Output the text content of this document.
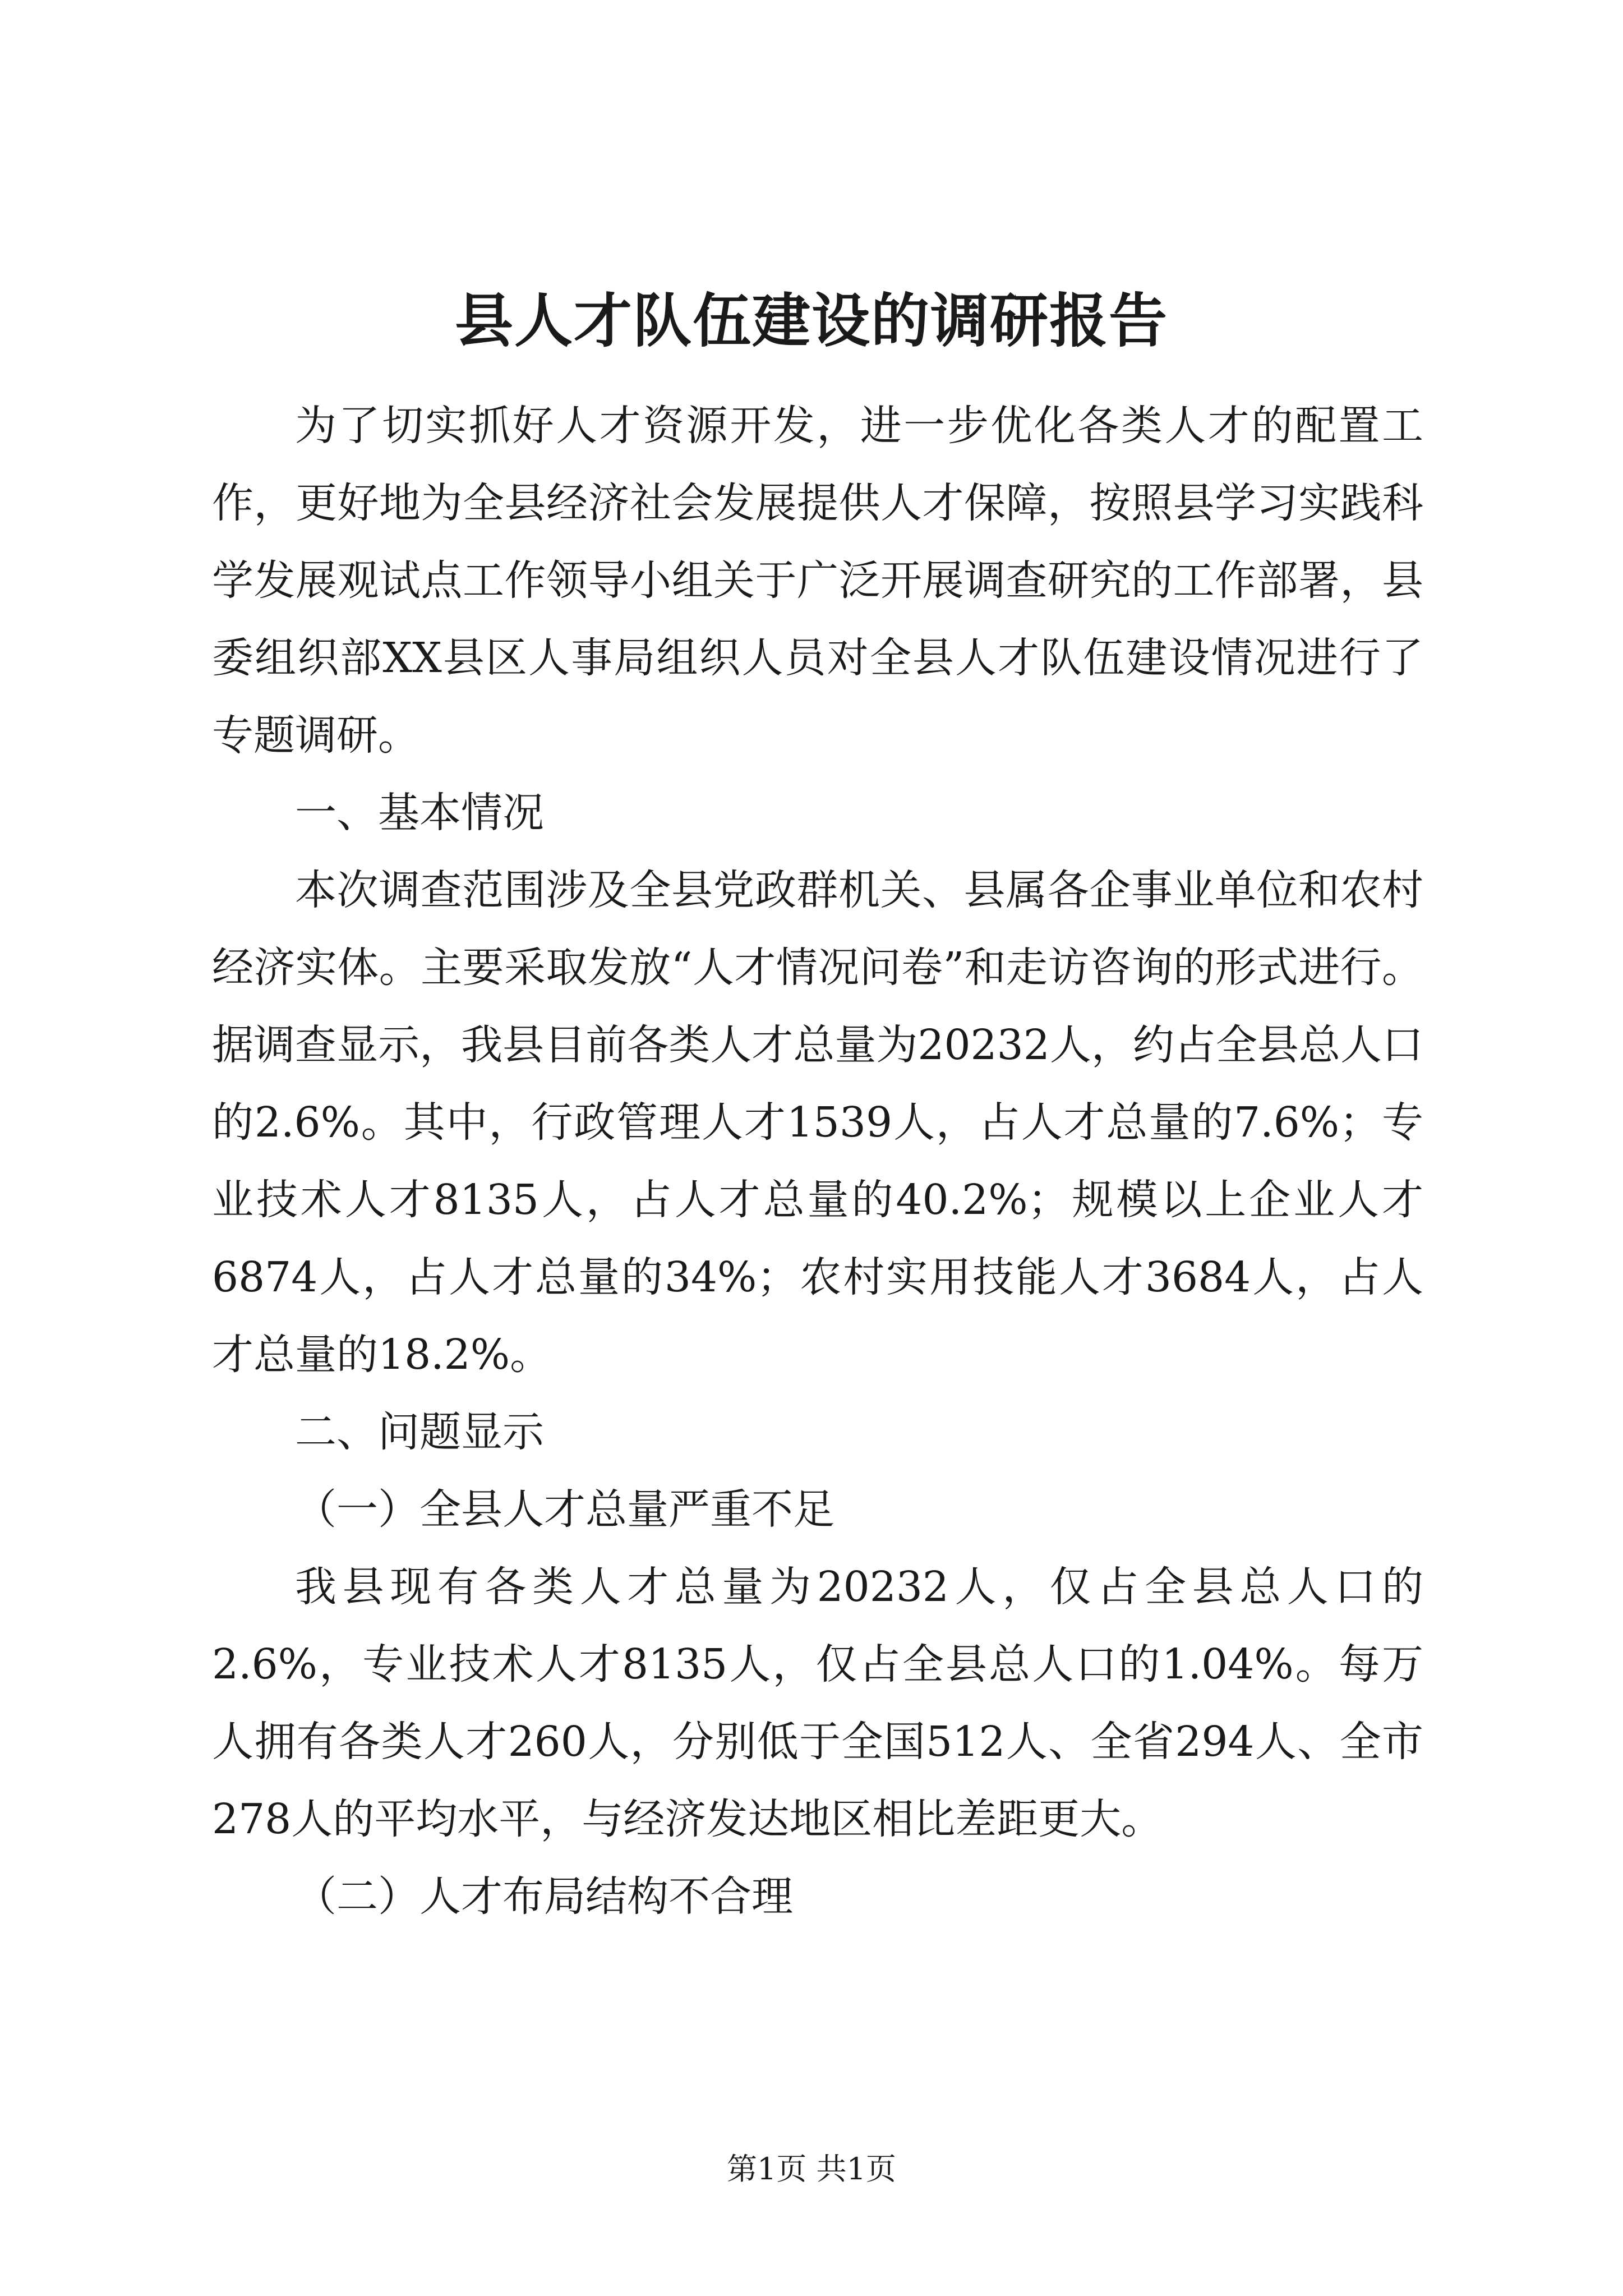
县人才队伍建设的调研报告

为了切实抓好人才资源开发，进一步优化各类人才的配置工作，更好地为全县经济社会发展提供人才保障，按照县学习实践科学发展观试点工作领导小组关于广泛开展调查研究的工作部署，县委组织部XX县区人事局组织人员对全县人才队伍建设情况进行了专题调研。

一、基本情况

本次调查范围涉及全县党政群机关、县属各企事业单位和农村经济实体。主要采取发放“人才情况问卷”和走访咨询的形式进行。据调查显示，我县目前各类人才总量为20232人，约占全县总人口的2.6%。其中，行政管理人才1539人，占人才总量的7.6%；专业技术人才8135人，占人才总量的40.2%；规模以上企业人才6874人，占人才总量的34%；农村实用技能人才3684人，占人才总量的18.2%。

二、问题显示

（一）全县人才总量严重不足

我县现有各类人才总量为20232人，仅占全县总人口的2.6%，专业技术人才8135人，仅占全县总人口的1.04%。每万人拥有各类人才260人，分别低于全国512人、全省294人、全市278人的平均水平，与经济发达地区相比差距更大。

（二）人才布局结构不合理

第1页 共1页
